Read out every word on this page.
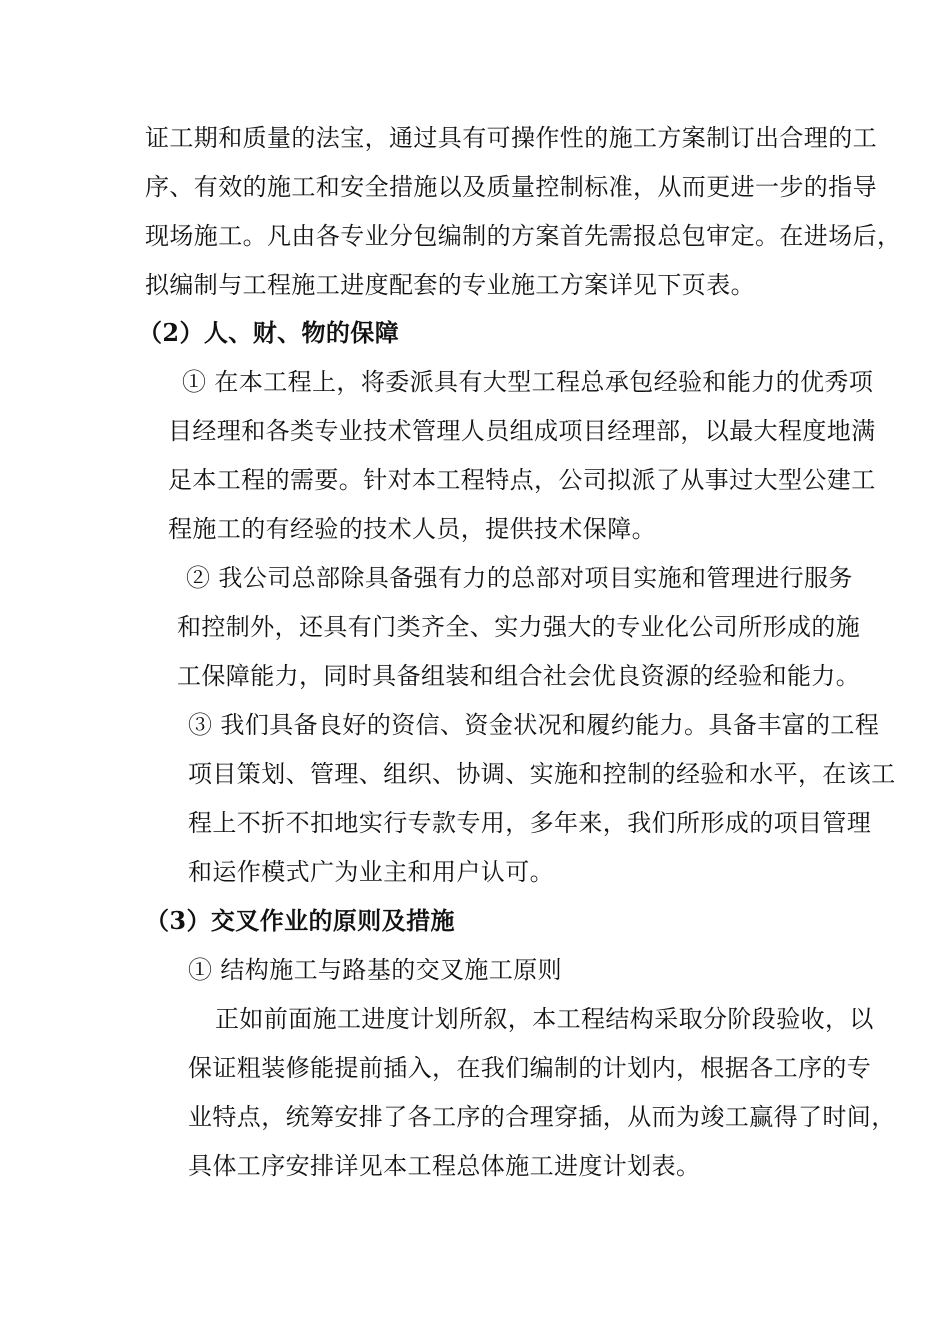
证工期和质量的法宝，通过具有可操作性的施工方案制订出合理的工
序、有效的施工和安全措施以及质量控制标准，从而更进一步的指导
现场施工。凡由各专业分包编制的方案首先需报总包审定。在进场后，
拟编制与工程施工进度配套的专业施工方案详见下页表。
（2）人、财、物的保障
① 在本工程上，将委派具有大型工程总承包经验和能力的优秀项
目经理和各类专业技术管理人员组成项目经理部，以最大程度地满
足本工程的需要。针对本工程特点，公司拟派了从事过大型公建工
程施工的有经验的技术人员，提供技术保障。
② 我公司总部除具备强有力的总部对项目实施和管理进行服务
和控制外，还具有门类齐全、实力强大的专业化公司所形成的施
工保障能力，同时具备组装和组合社会优良资源的经验和能力。
③ 我们具备良好的资信、资金状况和履约能力。具备丰富的工程
项目策划、管理、组织、协调、实施和控制的经验和水平，在该工
程上不折不扣地实行专款专用，多年来，我们所形成的项目管理
和运作模式广为业主和用户认可。
（3）交叉作业的原则及措施
① 结构施工与路基的交叉施工原则
正如前面施工进度计划所叙，本工程结构采取分阶段验收，以
保证粗装修能提前插入，在我们编制的计划内，根据各工序的专
业特点，统筹安排了各工序的合理穿插，从而为竣工赢得了时间，
具体工序安排详见本工程总体施工进度计划表。
